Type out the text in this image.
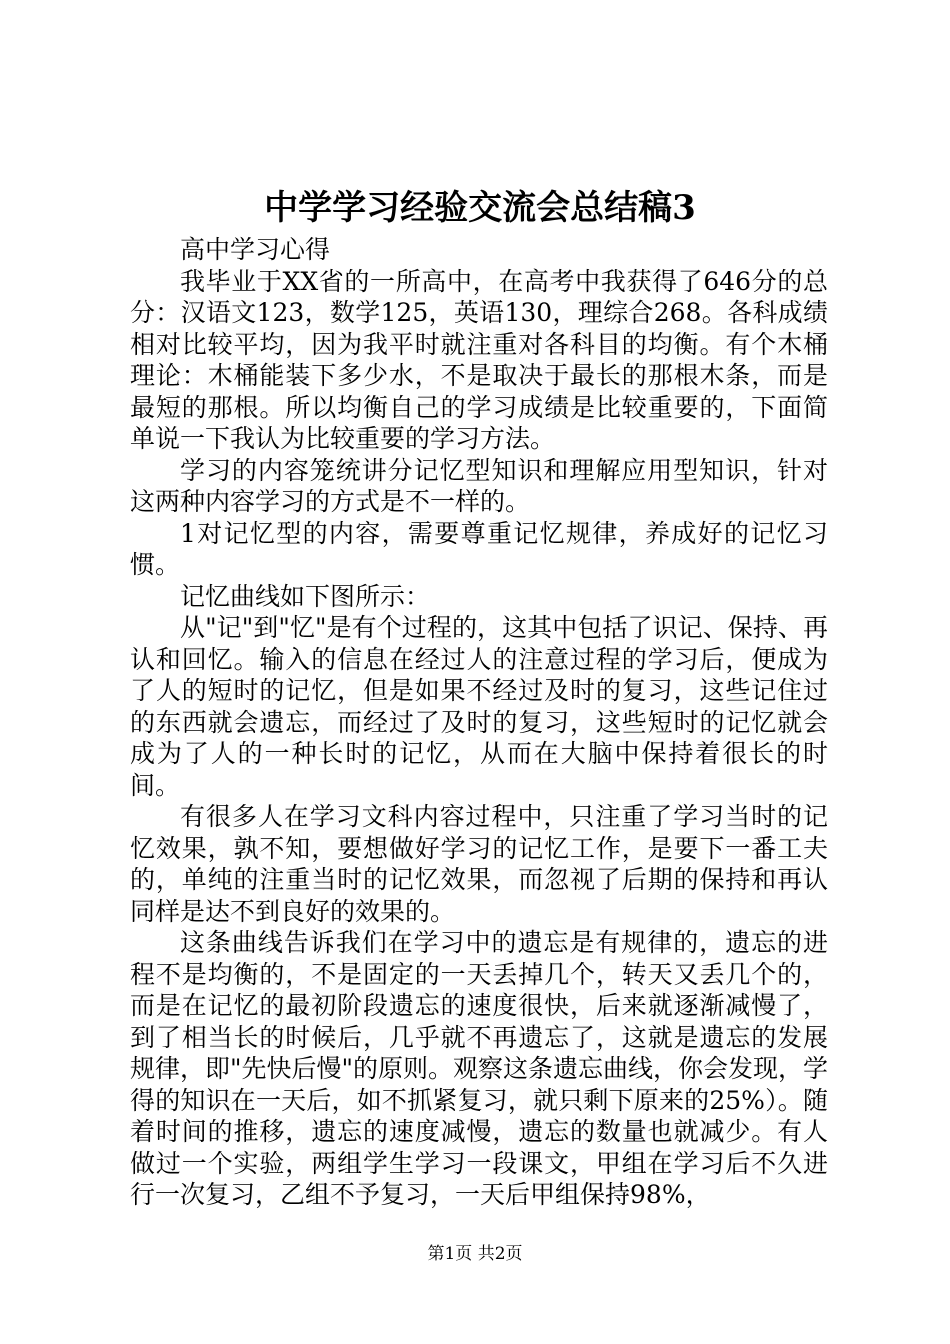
中学学习经验交流会总结稿3

高中学习心得

我毕业于XX省的一所高中，在高考中我获得了646分的总分：汉语文123，数学125，英语130，理综合268。各科成绩相对比较平均，因为我平时就注重对各科目的均衡。有个木桶理论：木桶能装下多少水，不是取决于最长的那根木条，而是最短的那根。所以均衡自己的学习成绩是比较重要的，下面简单说一下我认为比较重要的学习方法。

学习的内容笼统讲分记忆型知识和理解应用型知识，针对这两种内容学习的方式是不一样的。

1对记忆型的内容，需要尊重记忆规律，养成好的记忆习惯。

记忆曲线如下图所示：

从"记"到"忆"是有个过程的，这其中包括了识记、保持、再认和回忆。输入的信息在经过人的注意过程的学习后，便成为了人的短时的记忆，但是如果不经过及时的复习，这些记住过的东西就会遗忘，而经过了及时的复习，这些短时的记忆就会成为了人的一种长时的记忆，从而在大脑中保持着很长的时间。

有很多人在学习文科内容过程中，只注重了学习当时的记忆效果，孰不知，要想做好学习的记忆工作，是要下一番工夫的，单纯的注重当时的记忆效果，而忽视了后期的保持和再认同样是达不到良好的效果的。

这条曲线告诉我们在学习中的遗忘是有规律的，遗忘的进程不是均衡的，不是固定的一天丢掉几个，转天又丢几个的，而是在记忆的最初阶段遗忘的速度很快，后来就逐渐减慢了，到了相当长的时候后，几乎就不再遗忘了，这就是遗忘的发展规律，即"先快后慢"的原则。观察这条遗忘曲线，你会发现，学得的知识在一天后，如不抓紧复习，就只剩下原来的25%）。随着时间的推移，遗忘的速度减慢，遗忘的数量也就减少。有人做过一个实验，两组学生学习一段课文，甲组在学习后不久进行一次复习，乙组不予复习，一天后甲组保持98%，

第1页 共2页
